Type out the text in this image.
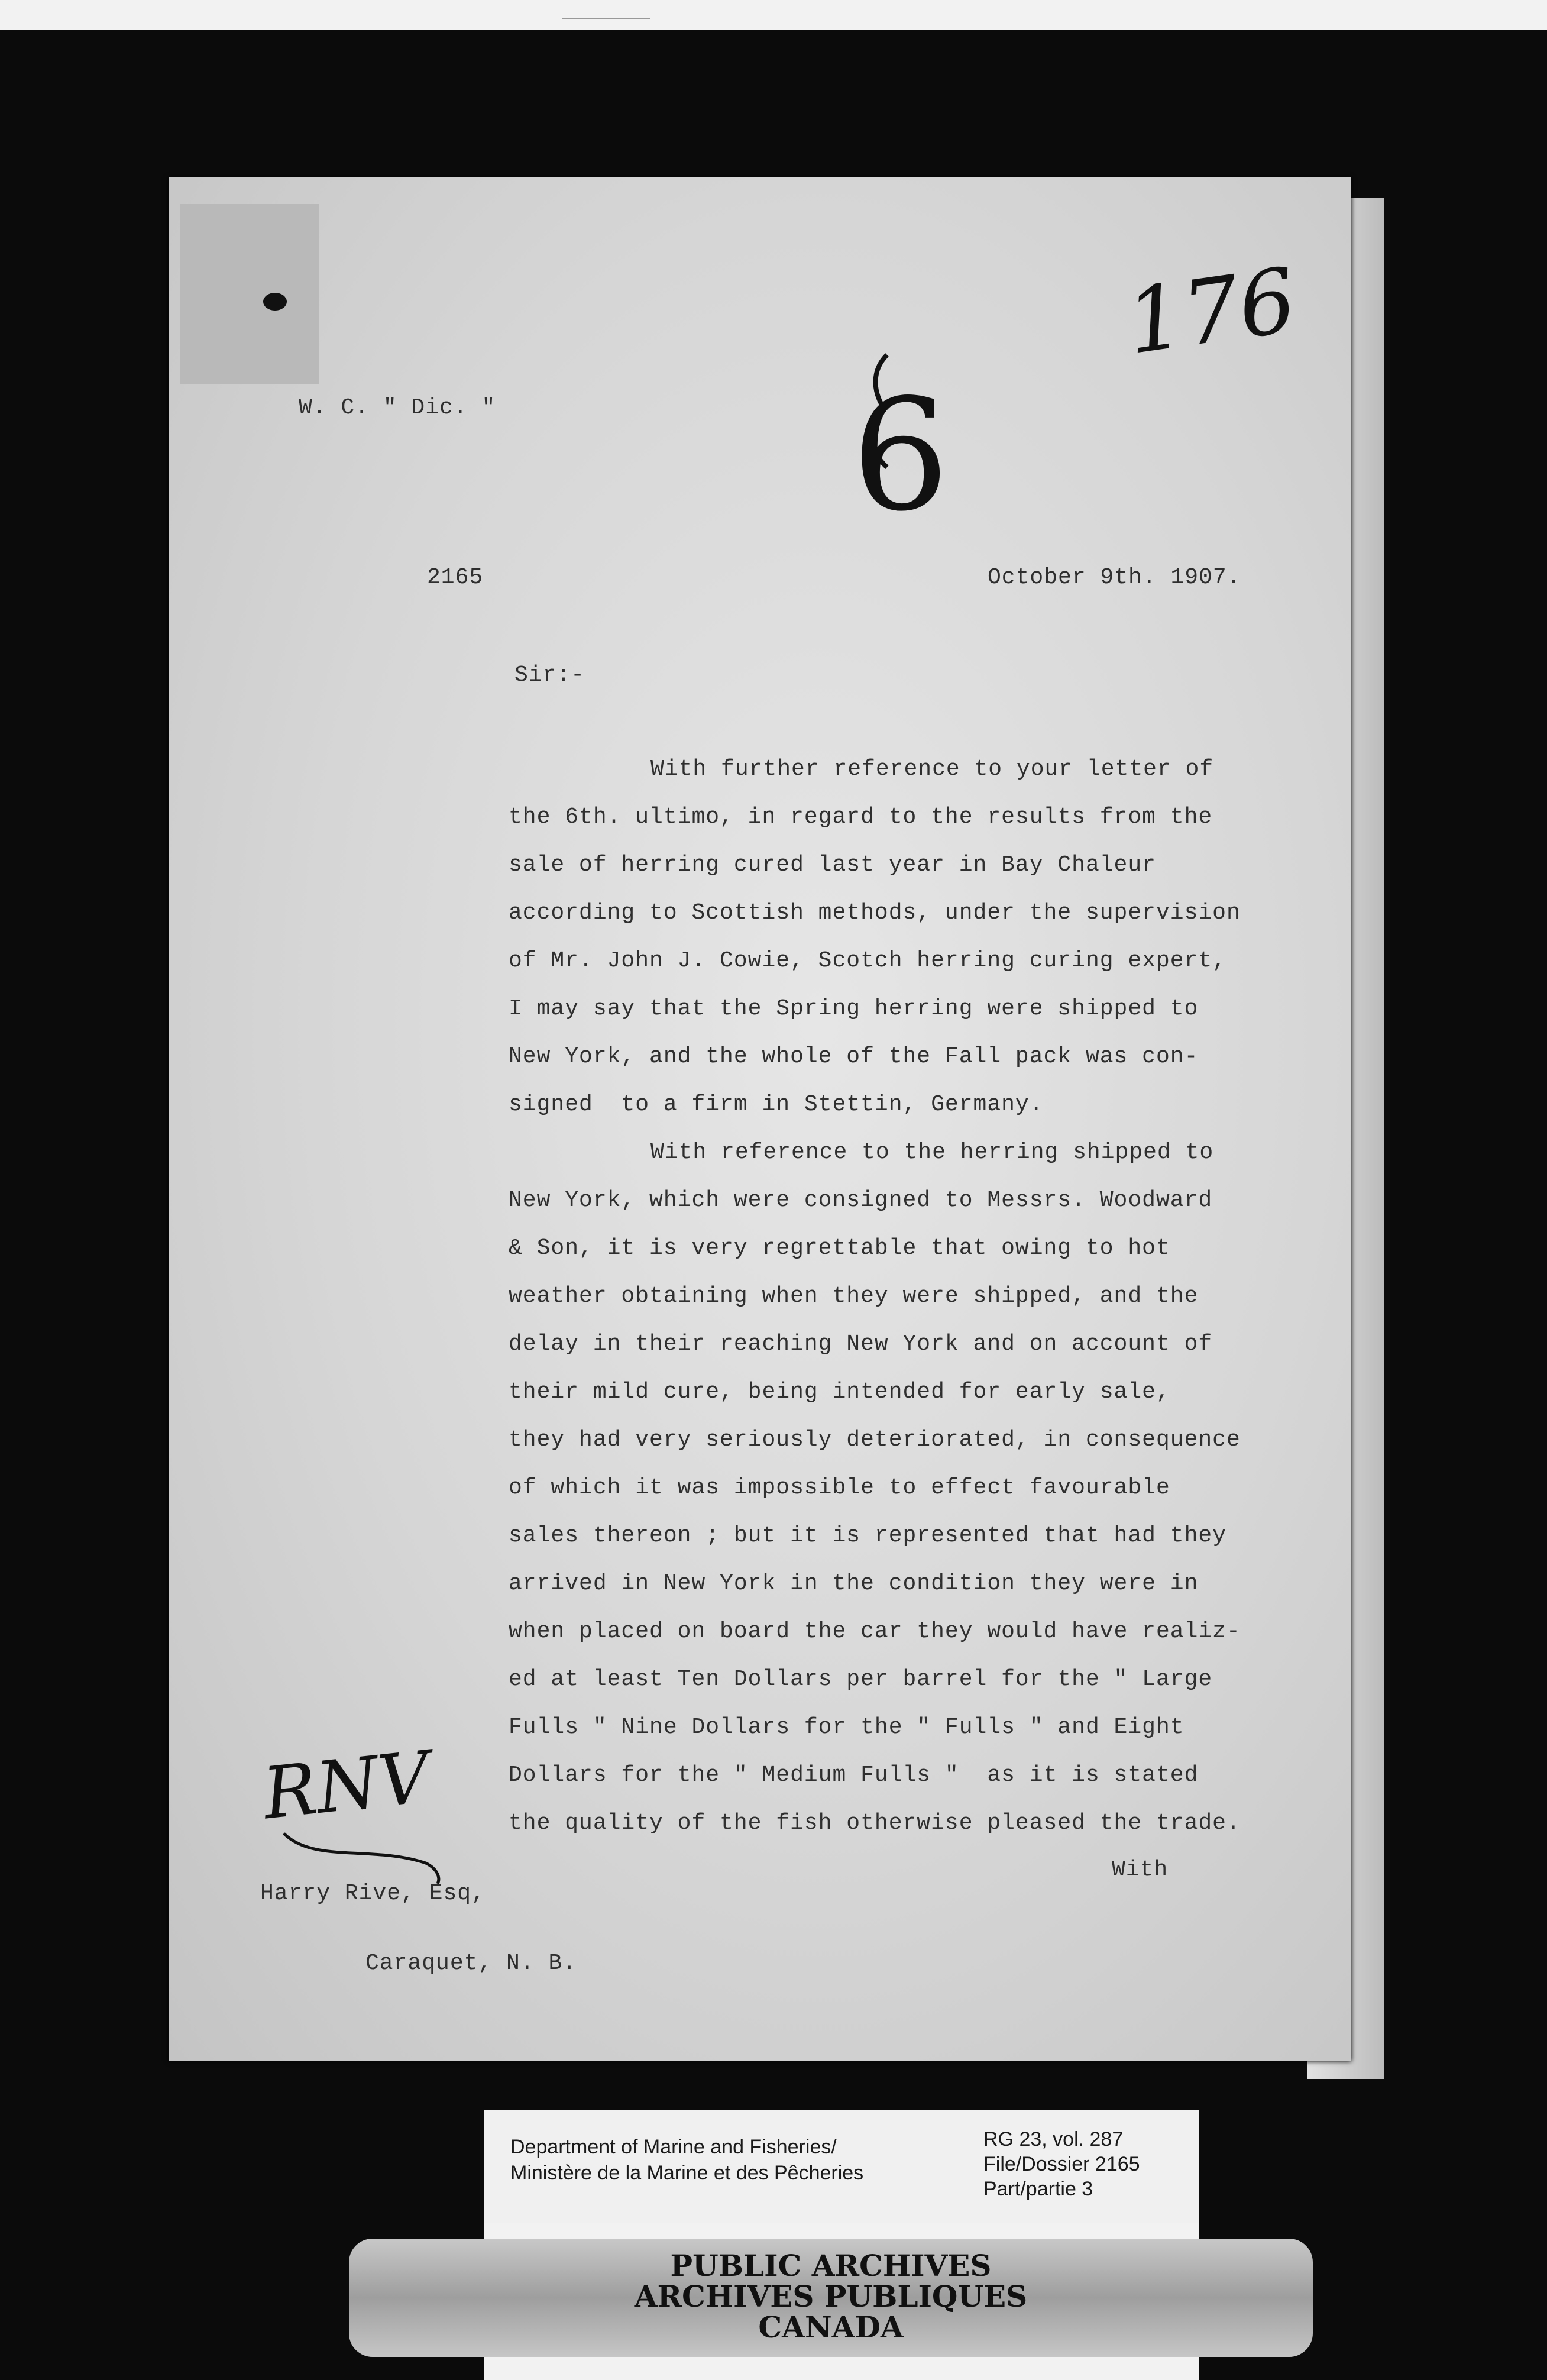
176
6
W. C. " Dic. "
2165	October 9th. 1907.
Sir:-
With further reference to your letter of
the 6th. ultimo, in regard to the results from the
sale of herring cured last year in Bay Chaleur
according to Scottish methods, under the supervision
of Mr. John J. Cowie, Scotch herring curing expert,
I may say that the Spring herring were shipped to
New York, and the whole of the Fall pack was con-
signed  to a firm in Stettin, Germany.
With reference to the herring shipped to
New York, which were consigned to Messrs. Woodward
& Son, it is very regrettable that owing to hot
weather obtaining when they were shipped, and the
delay in their reaching New York and on account of
their mild cure, being intended for early sale,
they had very seriously deteriorated, in consequence
of which it was impossible to effect favourable
sales thereon ; but it is represented that had they
arrived in New York in the condition they were in
when placed on board the car they would have realiz-
ed at least Ten Dollars per barrel for the " Large
Fulls " Nine Dollars for the " Fulls " and Eight
Dollars for the " Medium Fulls "  as it is stated
the quality of the fish otherwise pleased the trade.
With
RNV
Harry Rive, Esq,
Caraquet, N. B.
Department of Marine and Fisheries/
Ministère de la Marine et des Pêcheries
RG 23, vol. 287
File/Dossier 2165
Part/partie 3
PUBLIC ARCHIVES
ARCHIVES PUBLIQUES
CANADA
